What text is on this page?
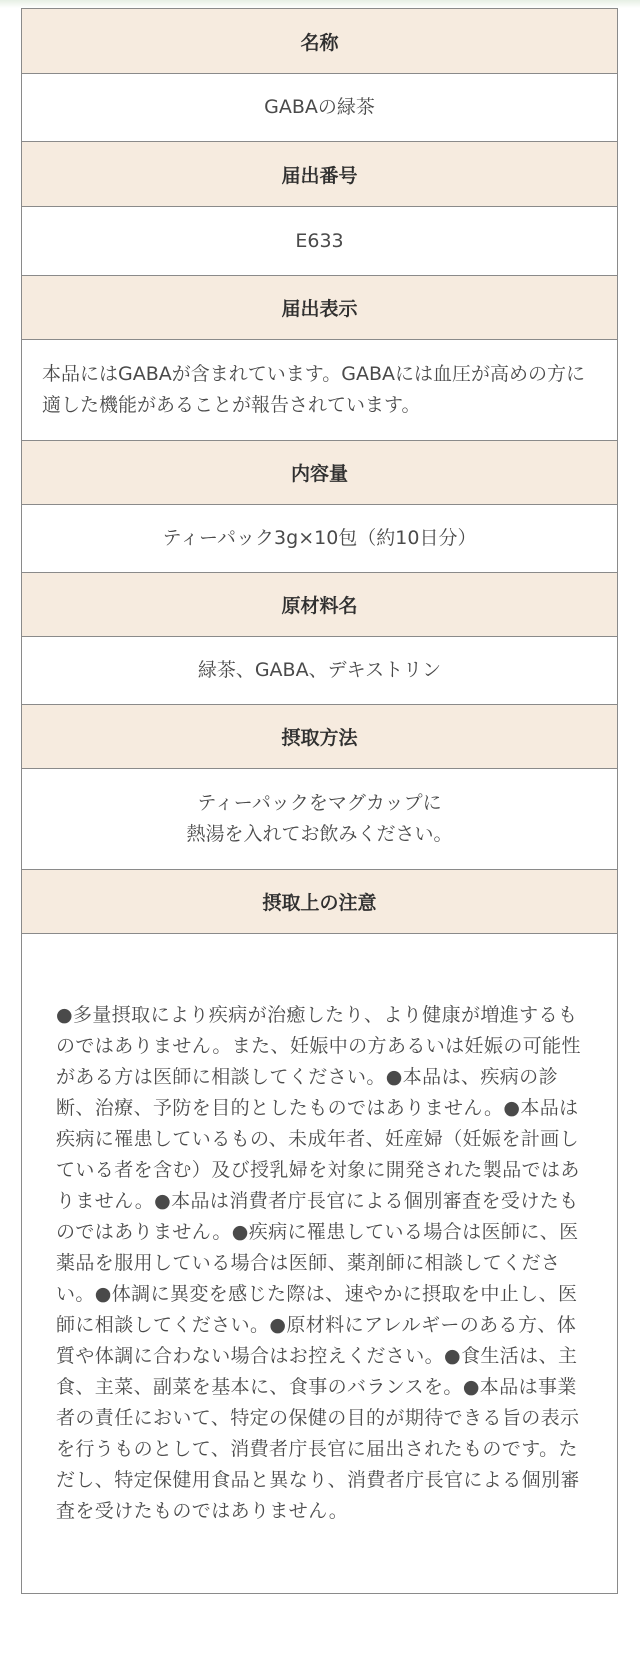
名称
GABAの緑茶
届出番号
E633
届出表示
本品にはGABAが含まれています。GABAには血圧が高めの方に適した機能があることが報告されています。
内容量
ティーパック3g×10包（約10日分）
原材料名
緑茶、GABA、デキストリン
摂取方法

ティーパックをマグカップに
熱湯を入れてお飲みください。

摂取上の注意
●多量摂取により疾病が治癒したり、より健康が増進するものではありません。また、妊娠中の方あるいは妊娠の可能性がある方は医師に相談してください。●本品は、疾病の診断、治療、予防を目的としたものではありません。●本品は疾病に罹患しているもの、未成年者、妊産婦（妊娠を計画している者を含む）及び授乳婦を対象に開発された製品ではありません。●本品は消費者庁長官による個別審査を受けたものではありません。●疾病に罹患している場合は医師に、医薬品を服用している場合は医師、薬剤師に相談してください。●体調に異変を感じた際は、速やかに摂取を中止し、医師に相談してください。●原材料にアレルギーのある方、体質や体調に合わない場合はお控えください。●食生活は、主食、主菜、副菜を基本に、食事のバランスを。●本品は事業者の責任において、特定の保健の目的が期待できる旨の表示を行うものとして、消費者庁長官に届出されたものです。ただし、特定保健用食品と異なり、消費者庁長官による個別審査を受けたものではありません。
